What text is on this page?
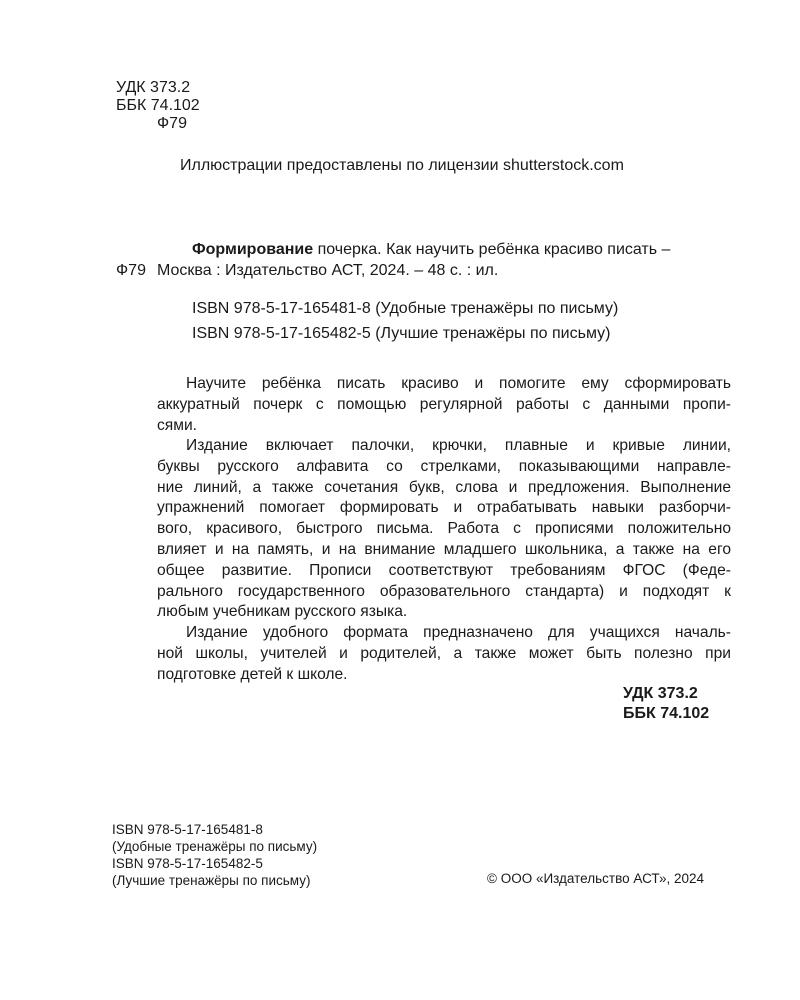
УДК 373.2
ББК 74.102
Ф79
Иллюстрации предоставлены по лицензии shutterstock.com
Формирование почерка. Как научить ребёнка красиво писать –
Ф79 Москва : Издательство АСТ, 2024. – 48 с. : ил.
ISBN 978-5-17-165481-8 (Удобные тренажёры по письму)
ISBN 978-5-17-165482-5 (Лучшие тренажёры по письму)
Научите ребёнка писать красиво и помогите ему сформировать
аккуратный почерк с помощью регулярной работы с данными пропи-
сями.
Издание включает палочки, крючки, плавные и кривые линии,
буквы русского алфавита со стрелками, показывающими направле-
ние линий, а также сочетания букв, слова и предложения. Выполнение
упражнений помогает формировать и отрабатывать навыки разборчи-
вого, красивого, быстрого письма. Работа с прописями положительно
влияет и на память, и на внимание младшего школьника, а также на его
общее развитие. Прописи соответствуют требованиям ФГОС (Феде-
рального государственного образовательного стандарта) и подходят к
любым учебникам русского языка.
Издание удобного формата предназначено для учащихся началь-
ной школы, учителей и родителей, а также может быть полезно при
подготовке детей к школе.
УДК 373.2
ББК 74.102
ISBN 978-5-17-165481-8
(Удобные тренажёры по письму)
ISBN 978-5-17-165482-5
(Лучшие тренажёры по письму)	© ООО «Издательство АСТ», 2024
